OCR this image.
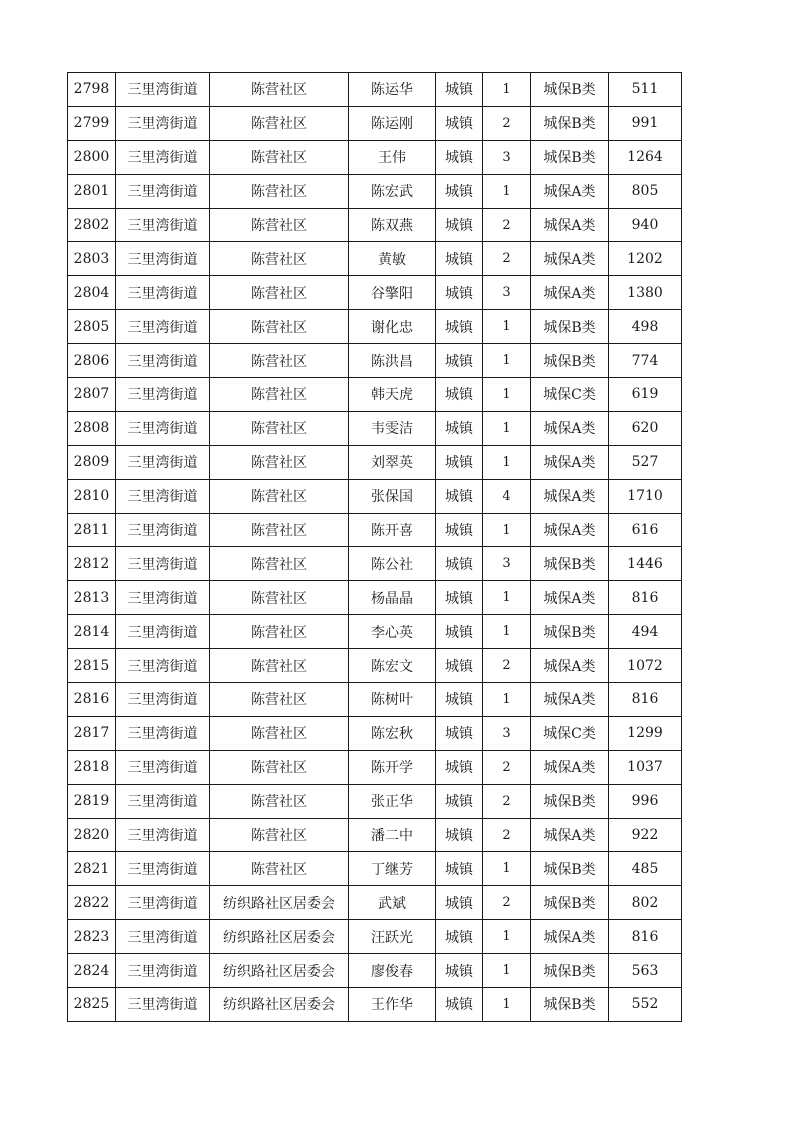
2798	三里湾街道	陈营社区	陈运华	城镇	1	城保B类	511
2799	三里湾街道	陈营社区	陈运刚	城镇	2	城保B类	991
2800	三里湾街道	陈营社区	王伟	城镇	3	城保B类	1264
2801	三里湾街道	陈营社区	陈宏武	城镇	1	城保A类	805
2802	三里湾街道	陈营社区	陈双燕	城镇	2	城保A类	940
2803	三里湾街道	陈营社区	黄敏	城镇	2	城保A类	1202
2804	三里湾街道	陈营社区	谷擎阳	城镇	3	城保A类	1380
2805	三里湾街道	陈营社区	谢化忠	城镇	1	城保B类	498
2806	三里湾街道	陈营社区	陈洪昌	城镇	1	城保B类	774
2807	三里湾街道	陈营社区	韩天虎	城镇	1	城保C类	619
2808	三里湾街道	陈营社区	韦雯洁	城镇	1	城保A类	620
2809	三里湾街道	陈营社区	刘翠英	城镇	1	城保A类	527
2810	三里湾街道	陈营社区	张保国	城镇	4	城保A类	1710
2811	三里湾街道	陈营社区	陈开喜	城镇	1	城保A类	616
2812	三里湾街道	陈营社区	陈公社	城镇	3	城保B类	1446
2813	三里湾街道	陈营社区	杨晶晶	城镇	1	城保A类	816
2814	三里湾街道	陈营社区	李心英	城镇	1	城保B类	494
2815	三里湾街道	陈营社区	陈宏文	城镇	2	城保A类	1072
2816	三里湾街道	陈营社区	陈树叶	城镇	1	城保A类	816
2817	三里湾街道	陈营社区	陈宏秋	城镇	3	城保C类	1299
2818	三里湾街道	陈营社区	陈开学	城镇	2	城保A类	1037
2819	三里湾街道	陈营社区	张正华	城镇	2	城保B类	996
2820	三里湾街道	陈营社区	潘二中	城镇	2	城保A类	922
2821	三里湾街道	陈营社区	丁继芳	城镇	1	城保B类	485
2822	三里湾街道	纺织路社区居委会	武斌	城镇	2	城保B类	802
2823	三里湾街道	纺织路社区居委会	汪跃光	城镇	1	城保A类	816
2824	三里湾街道	纺织路社区居委会	廖俊春	城镇	1	城保B类	563
2825	三里湾街道	纺织路社区居委会	王作华	城镇	1	城保B类	552
